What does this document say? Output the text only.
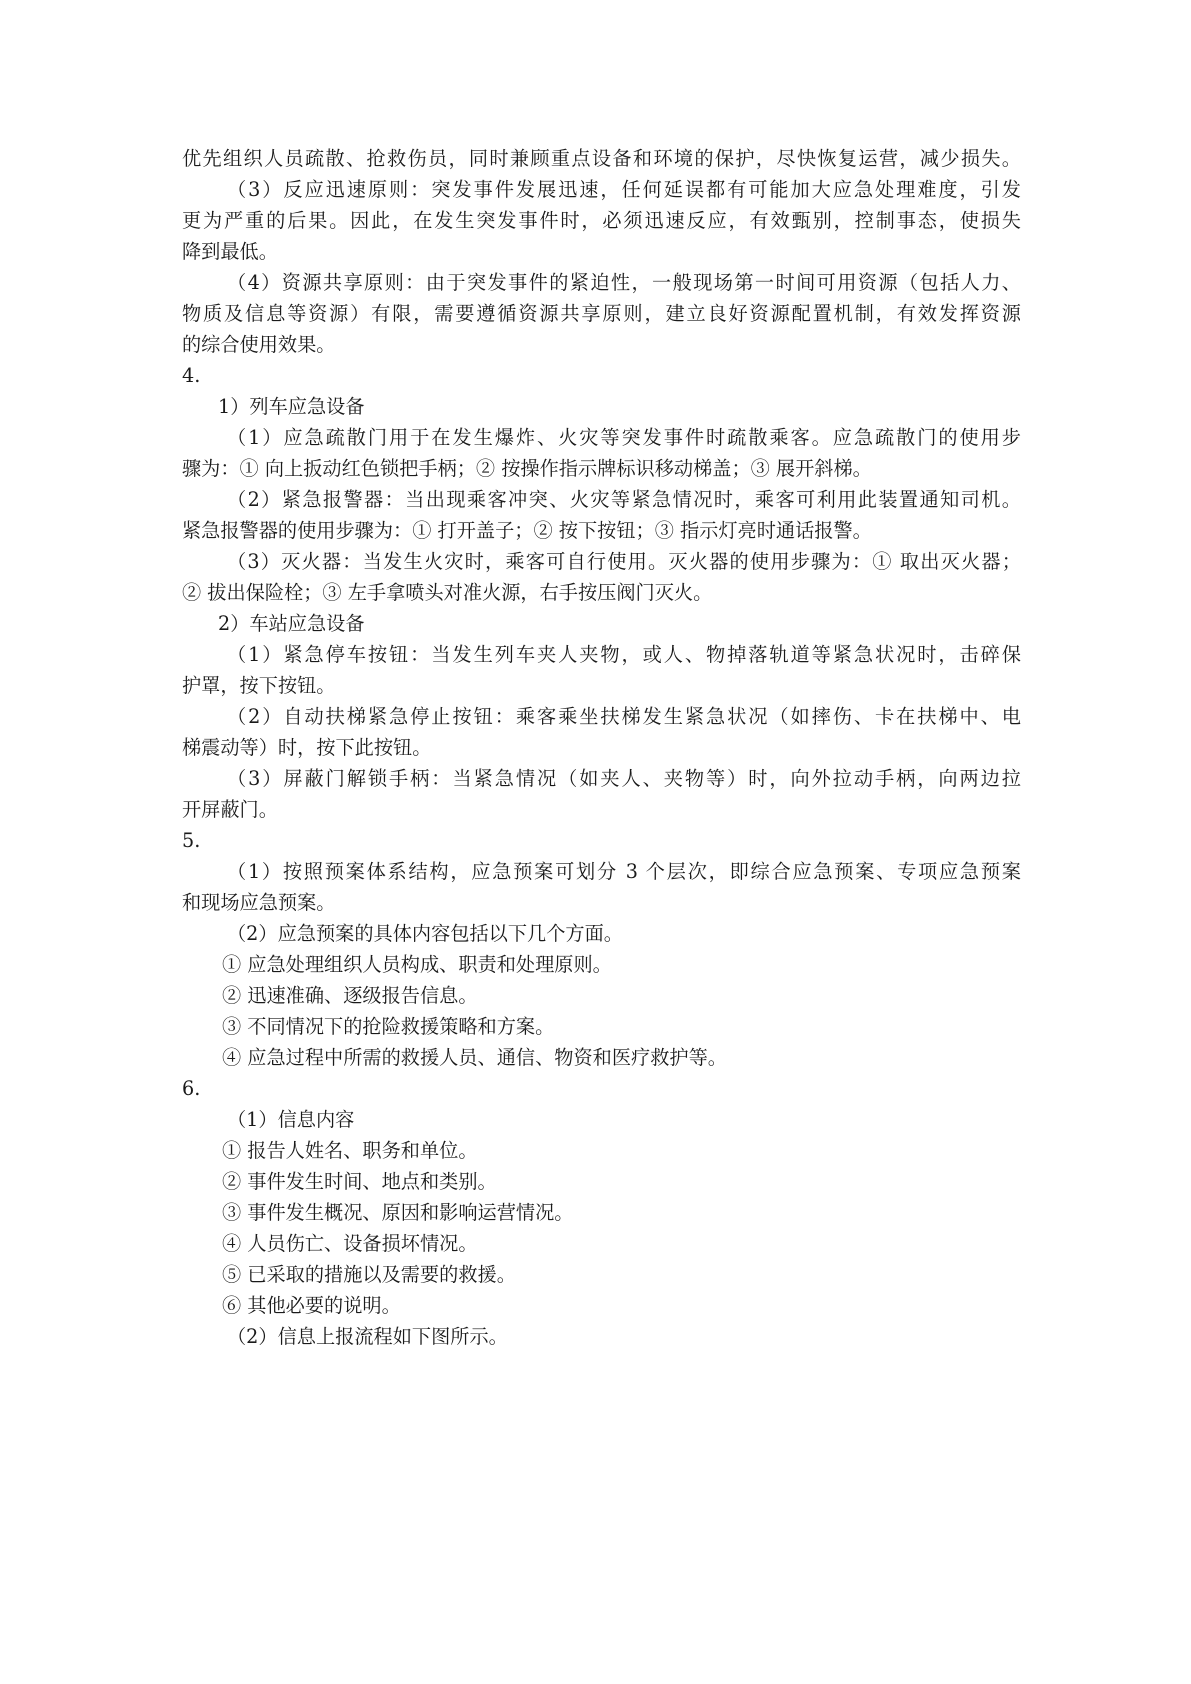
优先组织人员疏散、抢救伤员，同时兼顾重点设备和环境的保护，尽快恢复运营，减少损失。
（3）反应迅速原则：突发事件发展迅速，任何延误都有可能加大应急处理难度，引发
更为严重的后果。因此，在发生突发事件时，必须迅速反应，有效甄别，控制事态，使损失
降到最低。
（4）资源共享原则：由于突发事件的紧迫性，一般现场第一时间可用资源（包括人力、
物质及信息等资源）有限，需要遵循资源共享原则，建立良好资源配置机制，有效发挥资源
的综合使用效果。
4.
1）列车应急设备
（1）应急疏散门用于在发生爆炸、火灾等突发事件时疏散乘客。应急疏散门的使用步
骤为：① 向上扳动红色锁把手柄；② 按操作指示牌标识移动梯盖；③ 展开斜梯。
（2）紧急报警器：当出现乘客冲突、火灾等紧急情况时，乘客可利用此装置通知司机。
紧急报警器的使用步骤为：① 打开盖子；② 按下按钮；③ 指示灯亮时通话报警。
（3）灭火器：当发生火灾时，乘客可自行使用。灭火器的使用步骤为：① 取出灭火器；
② 拔出保险栓；③ 左手拿喷头对准火源，右手按压阀门灭火。
2）车站应急设备
（1）紧急停车按钮：当发生列车夹人夹物，或人、物掉落轨道等紧急状况时，击碎保
护罩，按下按钮。
（2）自动扶梯紧急停止按钮：乘客乘坐扶梯发生紧急状况（如摔伤、卡在扶梯中、电
梯震动等）时，按下此按钮。
（3）屏蔽门解锁手柄：当紧急情况（如夹人、夹物等）时，向外拉动手柄，向两边拉
开屏蔽门。
5.
（1）按照预案体系结构，应急预案可划分 3 个层次，即综合应急预案、专项应急预案
和现场应急预案。
（2）应急预案的具体内容包括以下几个方面。
① 应急处理组织人员构成、职责和处理原则。
② 迅速准确、逐级报告信息。
③ 不同情况下的抢险救援策略和方案。
④ 应急过程中所需的救援人员、通信、物资和医疗救护等。
6.
（1）信息内容
① 报告人姓名、职务和单位。
② 事件发生时间、地点和类别。
③ 事件发生概况、原因和影响运营情况。
④ 人员伤亡、设备损坏情况。
⑤ 已采取的措施以及需要的救援。
⑥ 其他必要的说明。
（2）信息上报流程如下图所示。
